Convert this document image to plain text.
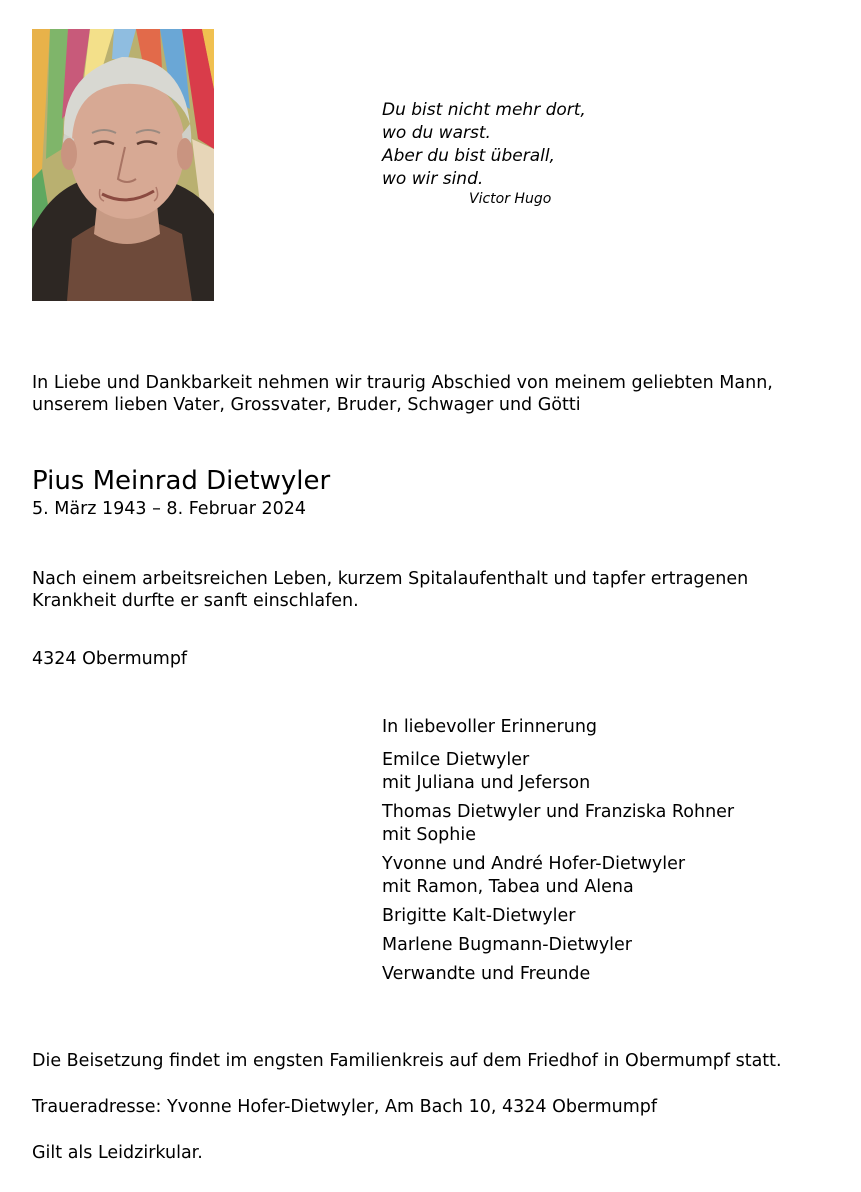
Du bist nicht mehr dort,
wo du warst.
Aber du bist überall,
wo wir sind.
Victor Hugo
In Liebe und Dankbarkeit nehmen wir traurig Abschied von meinem geliebten Mann,
unserem lieben Vater, Grossvater, Bruder, Schwager und Götti
Pius Meinrad Dietwyler
5. März 1943 – 8. Februar 2024
Nach einem arbeitsreichen Leben, kurzem Spitalaufenthalt und tapfer ertragenen
Krankheit durfte er sanft einschlafen.
4324 Obermumpf
In liebevoller Erinnerung
Emilce Dietwyler
mit Juliana und Jeferson
Thomas Dietwyler und Franziska Rohner
mit Sophie
Yvonne und André Hofer-Dietwyler
mit Ramon, Tabea und Alena
Brigitte Kalt-Dietwyler
Marlene Bugmann-Dietwyler
Verwandte und Freunde
Die Beisetzung findet im engsten Familienkreis auf dem Friedhof in Obermumpf statt.
Traueradresse: Yvonne Hofer-Dietwyler, Am Bach 10, 4324 Obermumpf
Gilt als Leidzirkular.
